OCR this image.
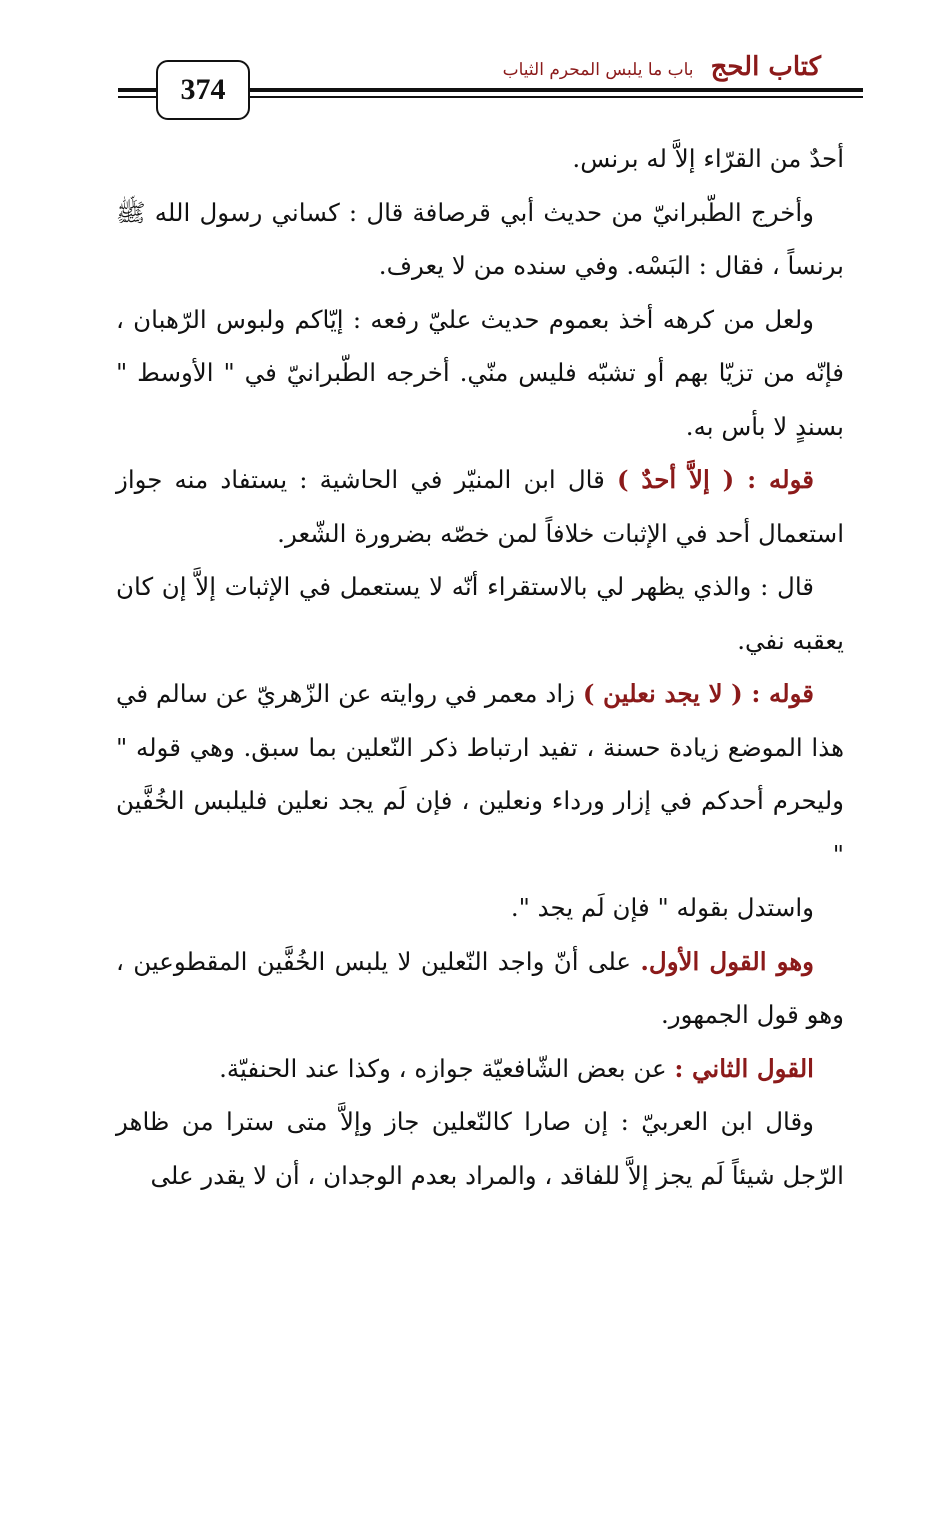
374
كتاب الحج باب ما يلبس المحرم الثياب

أحدٌ من القرّاء إلاَّ له برنس.

وأخرج الطّبرانيّ من حديث أبي قرصافة قال : كساني رسول الله ﷺ برنساً ، فقال : البَسْه. وفي سنده من لا يعرف.

ولعل من كرهه أخذ بعموم حديث عليّ رفعه : إيّاكم ولبوس الرّهبان ، فإنّه من تزيّا بهم أو تشبّه فليس منّي. أخرجه الطّبرانيّ في " الأوسط " بسندٍ لا بأس به.

قوله : ( إلاَّ أحدٌ ) قال ابن المنيّر في الحاشية : يستفاد منه جواز استعمال أحد في الإثبات خلافاً لمن خصّه بضرورة الشّعر.

قال : والذي يظهر لي بالاستقراء أنّه لا يستعمل في الإثبات إلاَّ إن كان يعقبه نفي.

قوله : ( لا يجد نعلين ) زاد معمر في روايته عن الزّهريّ عن سالم في هذا الموضع زيادة حسنة ، تفيد ارتباط ذكر النّعلين بما سبق. وهي قوله " وليحرم أحدكم في إزار ورداء ونعلين ، فإن لَم يجد نعلين فليلبس الخُفَّين "

واستدل بقوله " فإن لَم يجد ".

وهو القول الأول. على أنّ واجد النّعلين لا يلبس الخُفَّين المقطوعين ، وهو قول الجمهور.

القول الثاني : عن بعض الشّافعيّة جوازه ، وكذا عند الحنفيّة.

وقال ابن العربيّ : إن صارا كالنّعلين جاز وإلاَّ متى سترا من ظاهر الرّجل شيئاً لَم يجز إلاَّ للفاقد ، والمراد بعدم الوجدان ، أن لا يقدر على
